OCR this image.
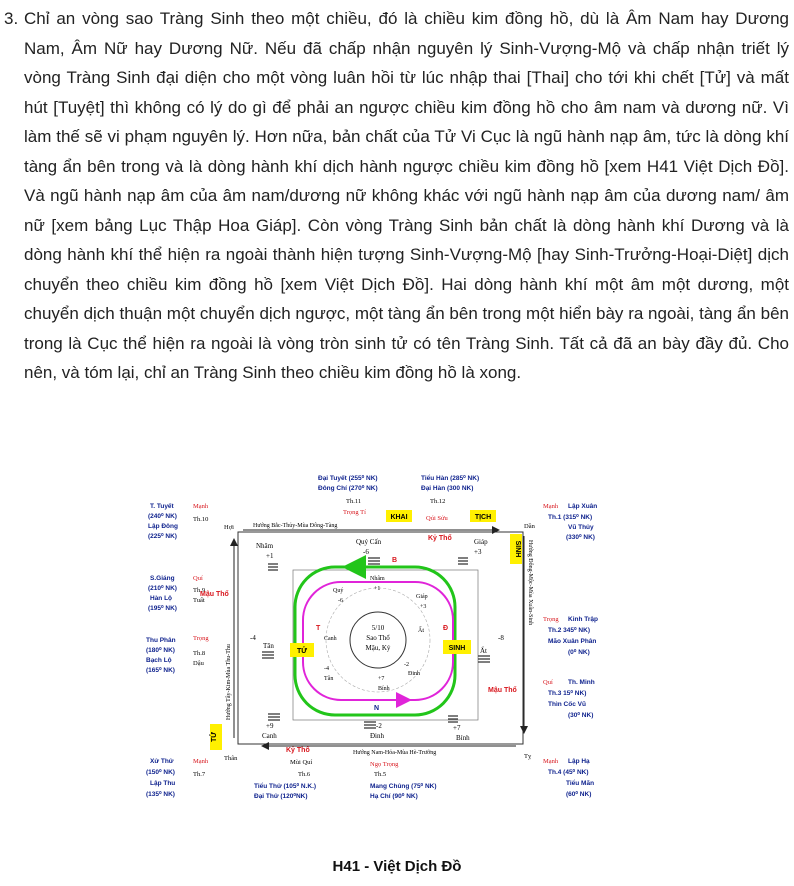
3. Chỉ an vòng sao Tràng Sinh theo một chiều, đó là chiều kim đồng hồ, dù là Âm Nam hay Dương Nam, Âm Nữ hay Dương Nữ. Nếu đã chấp nhận nguyên lý Sinh-Vượng-Mộ và chấp nhận triết lý vòng Tràng Sinh đại diện cho một vòng luân hồi từ lúc nhập thai [Thai] cho tới khi chết [Tử] và mất hút [Tuyệt] thì không có lý do gì để phải an ngược chiều kim đồng hồ cho âm nam và dương nữ. Vì làm thế sẽ vi phạm nguyên lý. Hơn nữa, bản chất của Tử Vi Cục là ngũ hành nạp âm, tức là dòng khí tàng ẩn bên trong và là dòng hành khí dịch hành ngược chiều kim đồng hồ [xem H41 Việt Dịch Đồ]. Và ngũ hành nạp âm của âm nam/dương nữ không khác với ngũ hành nạp âm của dương nam/ âm nữ [xem bảng Lục Thập Hoa Giáp]. Còn vòng Tràng Sinh bản chất là dòng hành khí Dương và là dòng hành khí thể hiện ra ngoài thành hiện tượng Sinh-Vượng-Mộ [hay Sinh-Trưởng-Hoại-Diệt] dịch chuyển theo chiều kim đồng hồ [xem Việt Dịch Đồ]. Hai dòng hành khí một âm một dương, một chuyển dịch thuận một chuyển dịch ngược, một tàng ẩn bên trong một hiển bày ra ngoài, tàng ẩn bên trong là Cục thể hiện ra ngoài là vòng tròn sinh tử có tên Tràng Sinh. Tất cả đã an bày đầy đủ. Cho nên, và tóm lại, chỉ an Tràng Sinh theo chiều kim đồng hồ là xong.
5/10
Sao Thổ
Mậu, Kỷ
KHAI	TỊCH
SINH
TỬ	SINH
TỬ
Đại Tuyết (255⁰ NK)
Đông Chí (270⁰ NK)
Tiểu Hàn (285⁰ NK)
Đại Hàn (300 NK)
Th.11	Th.12
Trọng Tí
Qúi Sửu
T. Tuyết
(240⁰ NK)
Lập Đông
(225⁰ NK)
Mạnh
Th.10
Hợi
Mạnh Lập Xuân
Th.1 (315⁰ NK)
Vũ Thủy
(330⁰ NK)
Dần
Hướng Bắc-Thủy-Mùa Đông-Tàng
Hướng Đông-Mộc-Mùa Xuân-Sinh
Hướng Tây-Kim-Mùa Thu-Thu
Hướng Nam-Hỏa-Mùa Hè-Trưởng
Nhâm
+1
Quý Cấn
-6
Giáp
+3
Kỷ Thổ
B
S.Giáng
(210⁰ NK)
Hàn Lộ
(195⁰ NK)
Quí
Th.9
Tuất
Mậu Thổ
Nhâm
+1
Quý
-6
Canh
Tân
-4
Ất
Bính
+7
Đinh
-2
Giáp
+3
T	Đ
N
Tân
-4
Ất
-8
Trọng
Thu Phân
(180⁰ NK)
Bạch Lộ
(165⁰ NK)
Th.8
Dậu
Trọng Kinh Trập
Th.2 345⁰ NK)
Mão Xuân Phân
(0⁰ NK)
Mậu Thổ
Quí Th. Minh
Th.3 15⁰ NK)
Thìn Cốc Vũ
(30⁰ NK)
Canh
+9
Đinh
-2
Bính
+7
Kỷ Thổ
Thân	Tỵ
Mạnh
Xử Thử
(150⁰ NK)
Lập Thu
(135⁰ NK)
Th.7
Mùi Quí
Th.6
Ngọ Trọng
Th.5
Mạnh Lập Hạ
Th.4 (45⁰ NK)
Tiểu Mãn
(60⁰ NK)
Tiểu Thử (105⁰ N.K.)
Đại Thử (120⁰NK)
Mang Chủng (75⁰ NK)
Hạ Chí (90⁰ NK)
H41 - Việt Dịch Đồ
